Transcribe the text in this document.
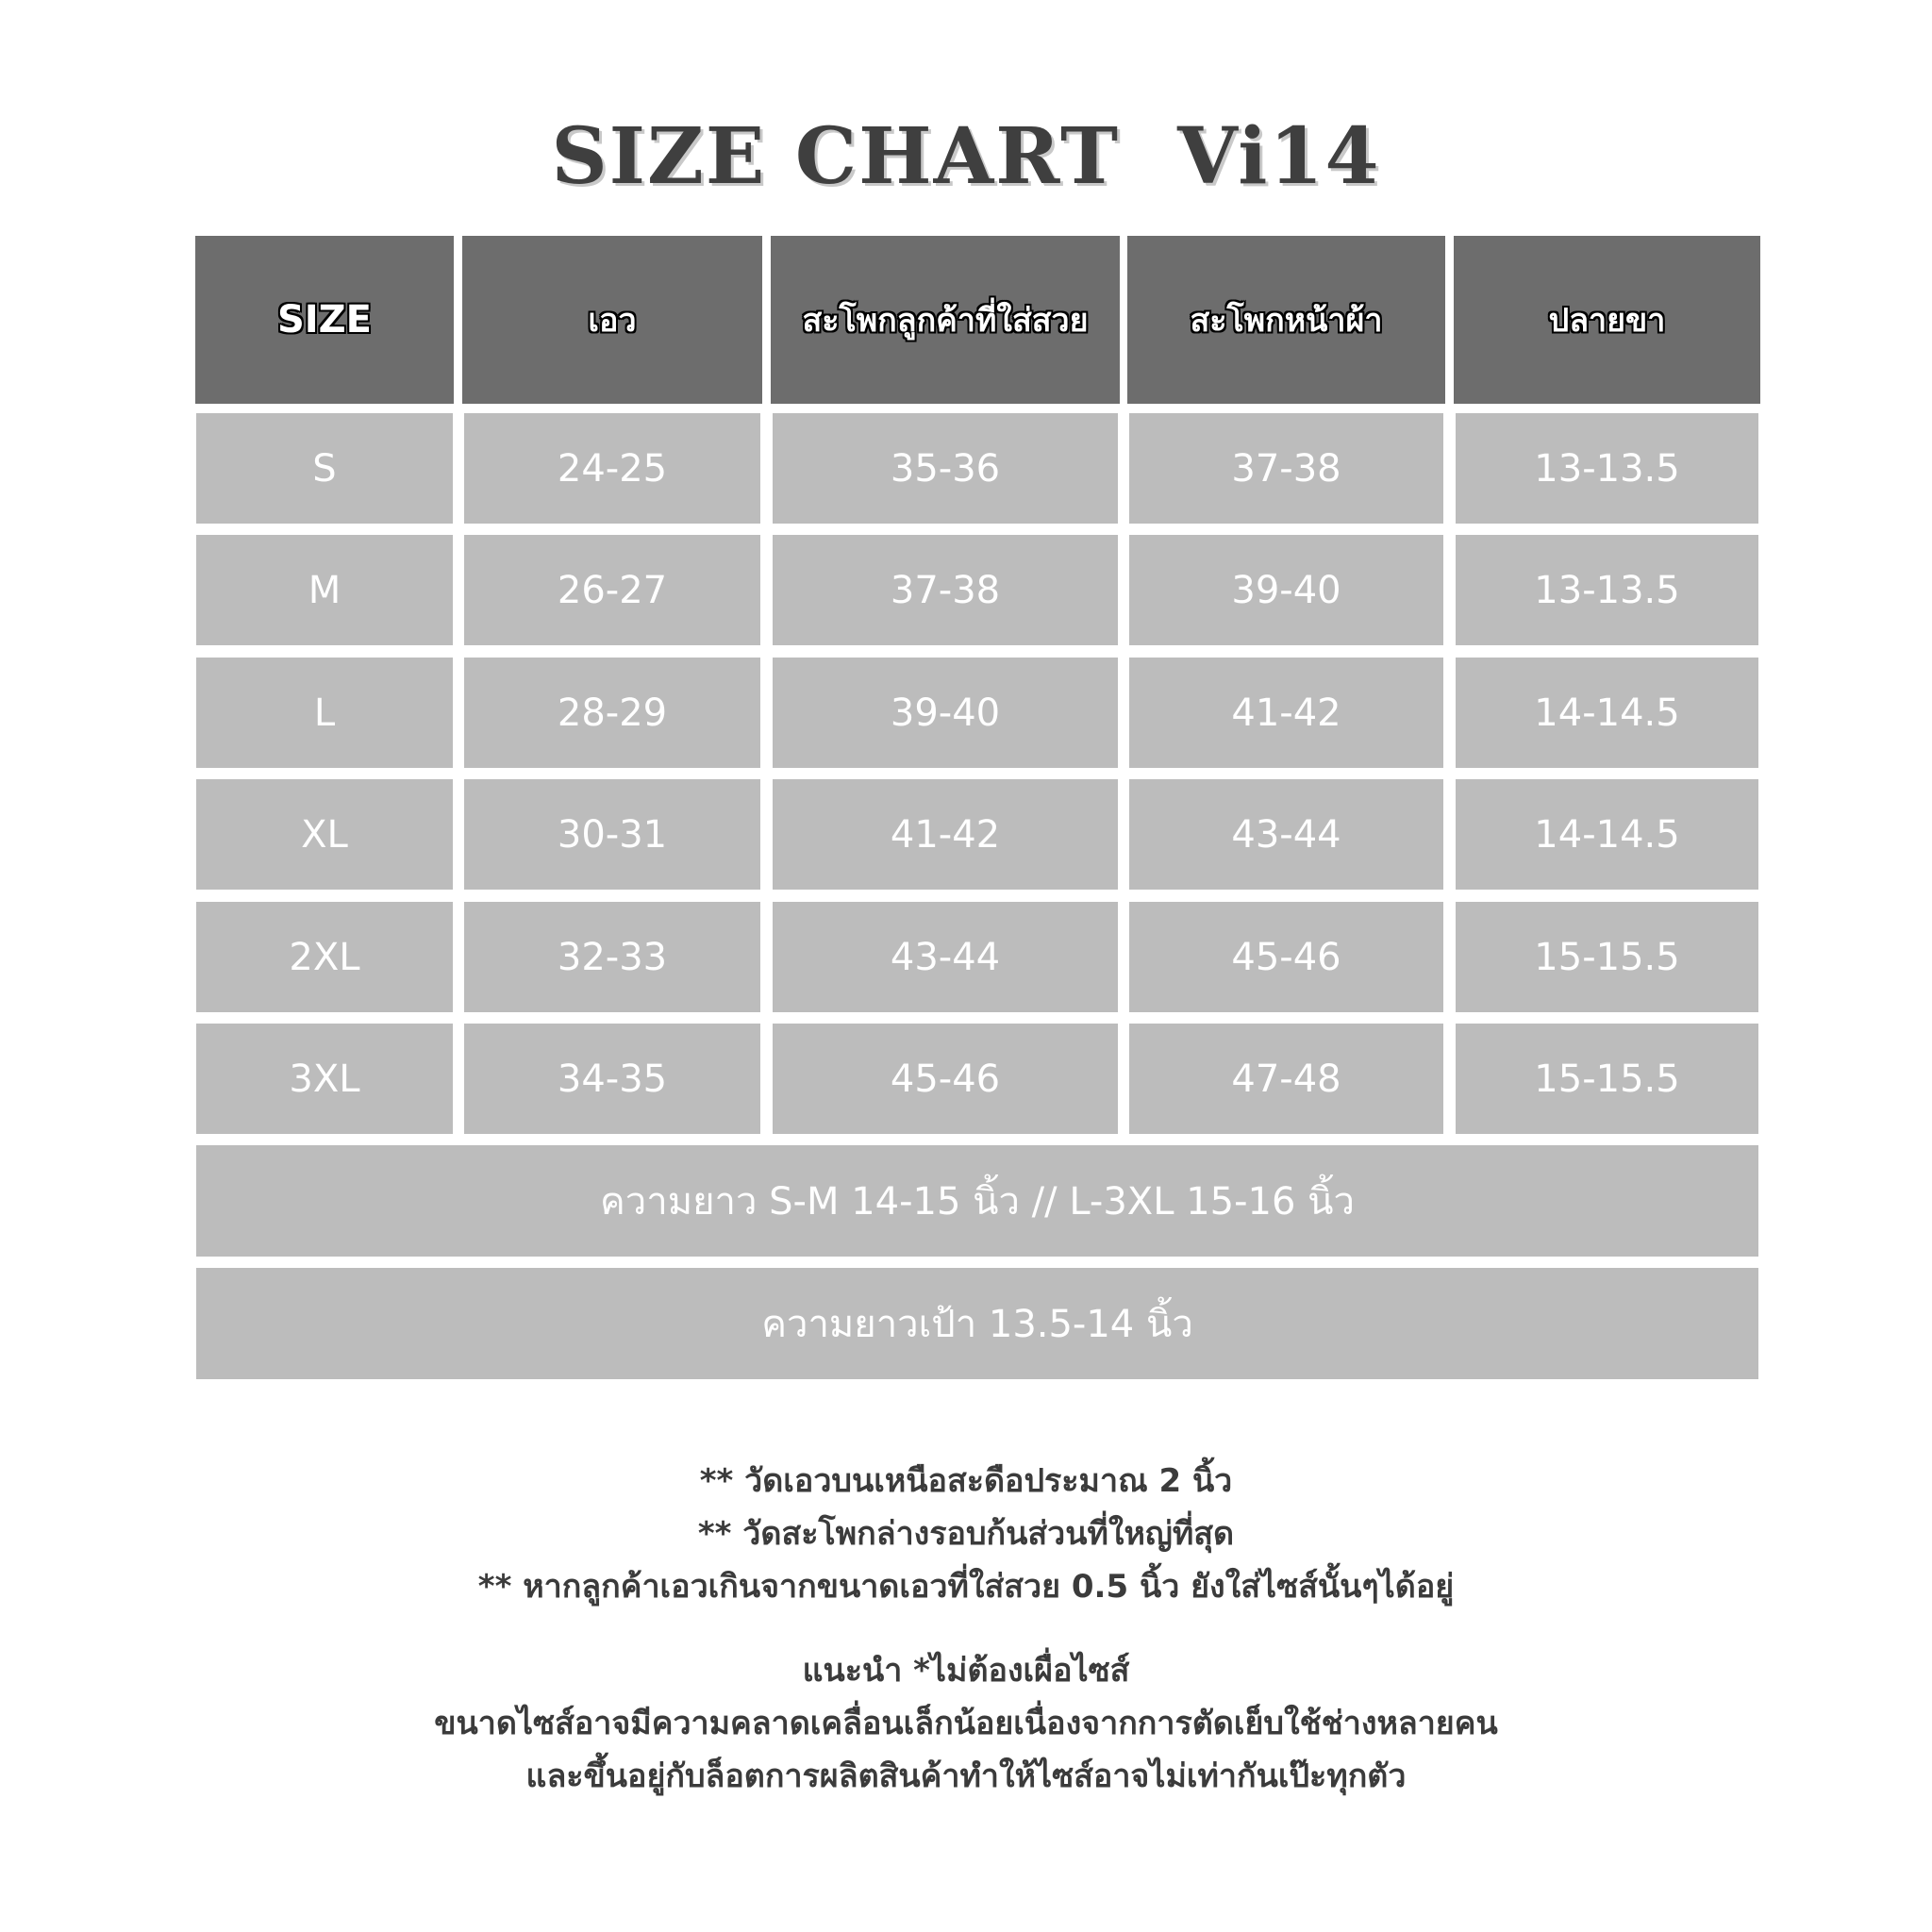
SIZE CHART  Vi14
SIZE	เอว	สะโพกลูกค้าที่ใส่สวย	สะโพกหน้าผ้า	ปลายขา
S	24-25	35-36	37-38	13-13.5
M	26-27	37-38	39-40	13-13.5
L	28-29	39-40	41-42	14-14.5
XL	30-31	41-42	43-44	14-14.5
2XL	32-33	43-44	45-46	15-15.5
3XL	34-35	45-46	47-48	15-15.5
ความยาว S-M 14-15 นิ้ว // L-3XL 15-16 นิ้ว
ความยาวเป้า 13.5-14 นิ้ว
** วัดเอวบนเหนือสะดือประมาณ 2 นิ้ว
** วัดสะโพกล่างรอบก้นส่วนที่ใหญ่ที่สุด
** หากลูกค้าเอวเกินจากขนาดเอวที่ใส่สวย 0.5 นิ้ว ยังใส่ไซส์นั้นๆได้อยู่
แนะนำ *ไม่ต้องเผื่อไซส์
ขนาดไซส์อาจมีความคลาดเคลื่อนเล็กน้อยเนื่องจากการตัดเย็บใช้ช่างหลายคน
และขึ้นอยู่กับล็อตการผลิตสินค้าทำให้ไซส์อาจไม่เท่ากันเป๊ะทุกตัว
